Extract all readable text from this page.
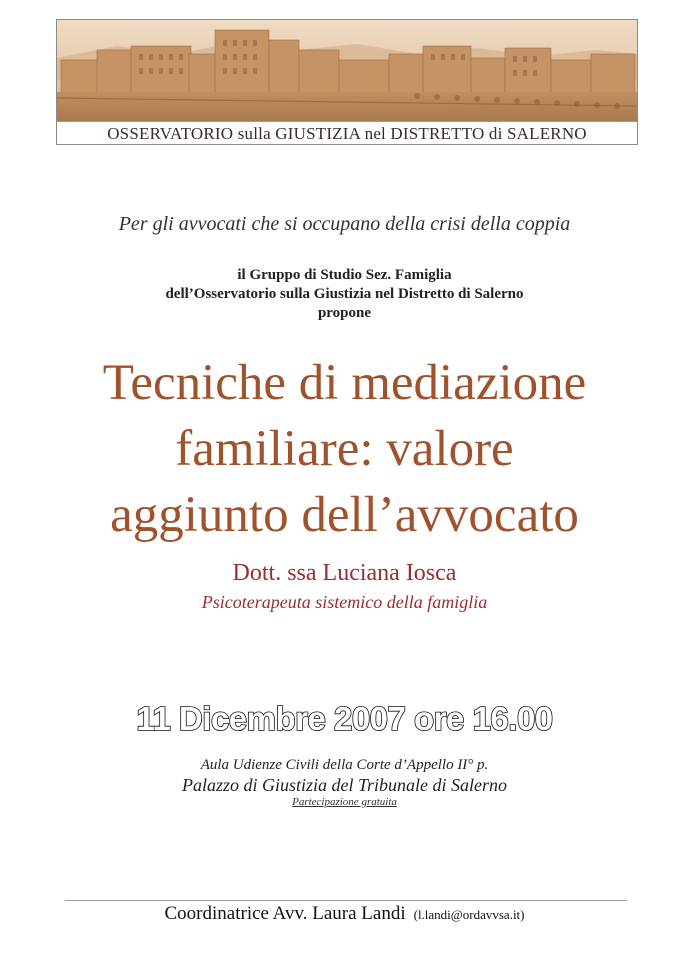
OSSERVATORIO sulla GIUSTIZIA nel DISTRETTO di SALERNO
Per gli avvocati che si occupano della crisi della coppia
il Gruppo di Studio Sez. Famiglia
dell’Osservatorio sulla Giustizia nel Distretto di Salerno
propone
Tecniche di mediazione
familiare: valore
aggiunto dell’avvocato
Dott. ssa Luciana Iosca
Psicoterapeuta sistemico della famiglia
11 Dicembre 2007 ore 16.00
Aula Udienze Civili della Corte d’Appello II° p.
Palazzo di Giustizia del Tribunale di Salerno
Partecipazione gratuita
Coordinatrice Avv. Laura Landi (l.landi@ordavvsa.it)
